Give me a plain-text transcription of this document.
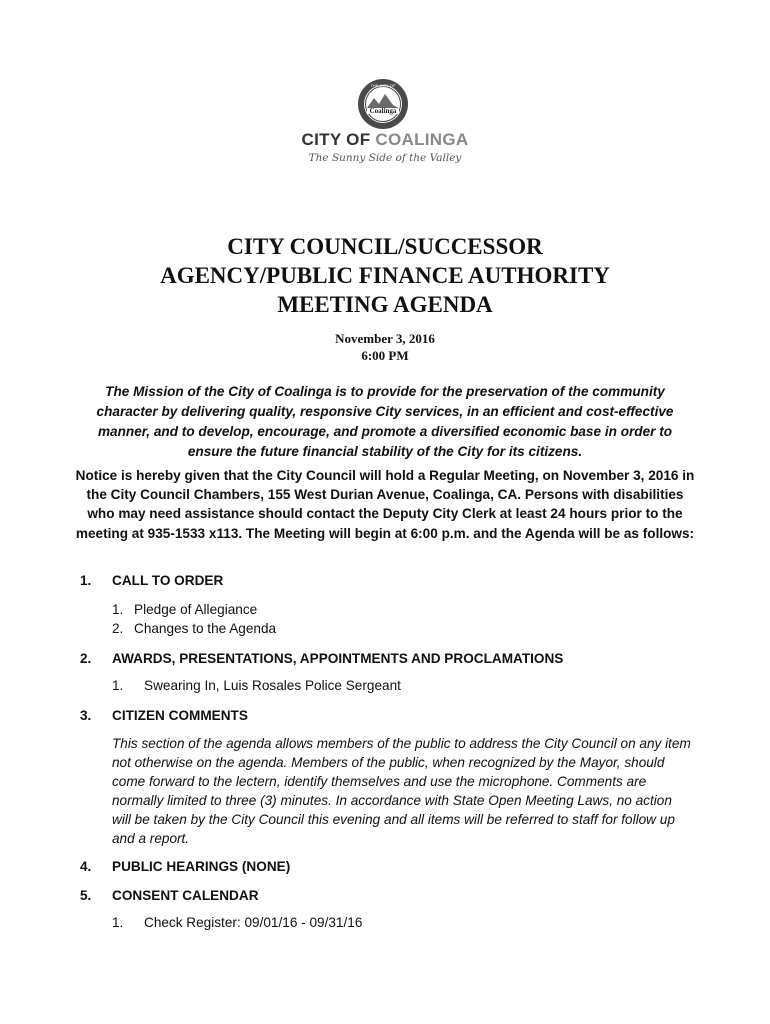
Coalinga
THE CITY OF
CITY OF COALINGA
The Sunny Side of the Valley
CITY COUNCIL/SUCCESSOR
AGENCY/PUBLIC FINANCE AUTHORITY
MEETING AGENDA
November 3, 2016
6:00 PM
The Mission of the City of Coalinga is to provide for the preservation of the community character by delivering quality, responsive City services, in an efficient and cost-effective manner, and to develop, encourage, and promote a diversified economic base in order to ensure the future financial stability of the City for its citizens.
Notice is hereby given that the City Council will hold a Regular Meeting, on November 3, 2016 in the City Council Chambers, 155 West Durian Avenue, Coalinga, CA. Persons with disabilities who may need assistance should contact the Deputy City Clerk at least 24 hours prior to the meeting at 935-1533 x113. The Meeting will begin at 6:00 p.m. and the Agenda will be as follows:
1.	CALL TO ORDER
1. Pledge of Allegiance
2. Changes to the Agenda
2.	AWARDS, PRESENTATIONS, APPOINTMENTS AND PROCLAMATIONS
1.	Swearing In, Luis Rosales Police Sergeant
3.	CITIZEN COMMENTS
This section of the agenda allows members of the public to address the City Council on any item not otherwise on the agenda. Members of the public, when recognized by the Mayor, should come forward to the lectern, identify themselves and use the microphone. Comments are normally limited to three (3) minutes. In accordance with State Open Meeting Laws, no action will be taken by the City Council this evening and all items will be referred to staff for follow up and a report.
4.	PUBLIC HEARINGS (NONE)
5.	CONSENT CALENDAR
1.	Check Register: 09/01/16 - 09/31/16
